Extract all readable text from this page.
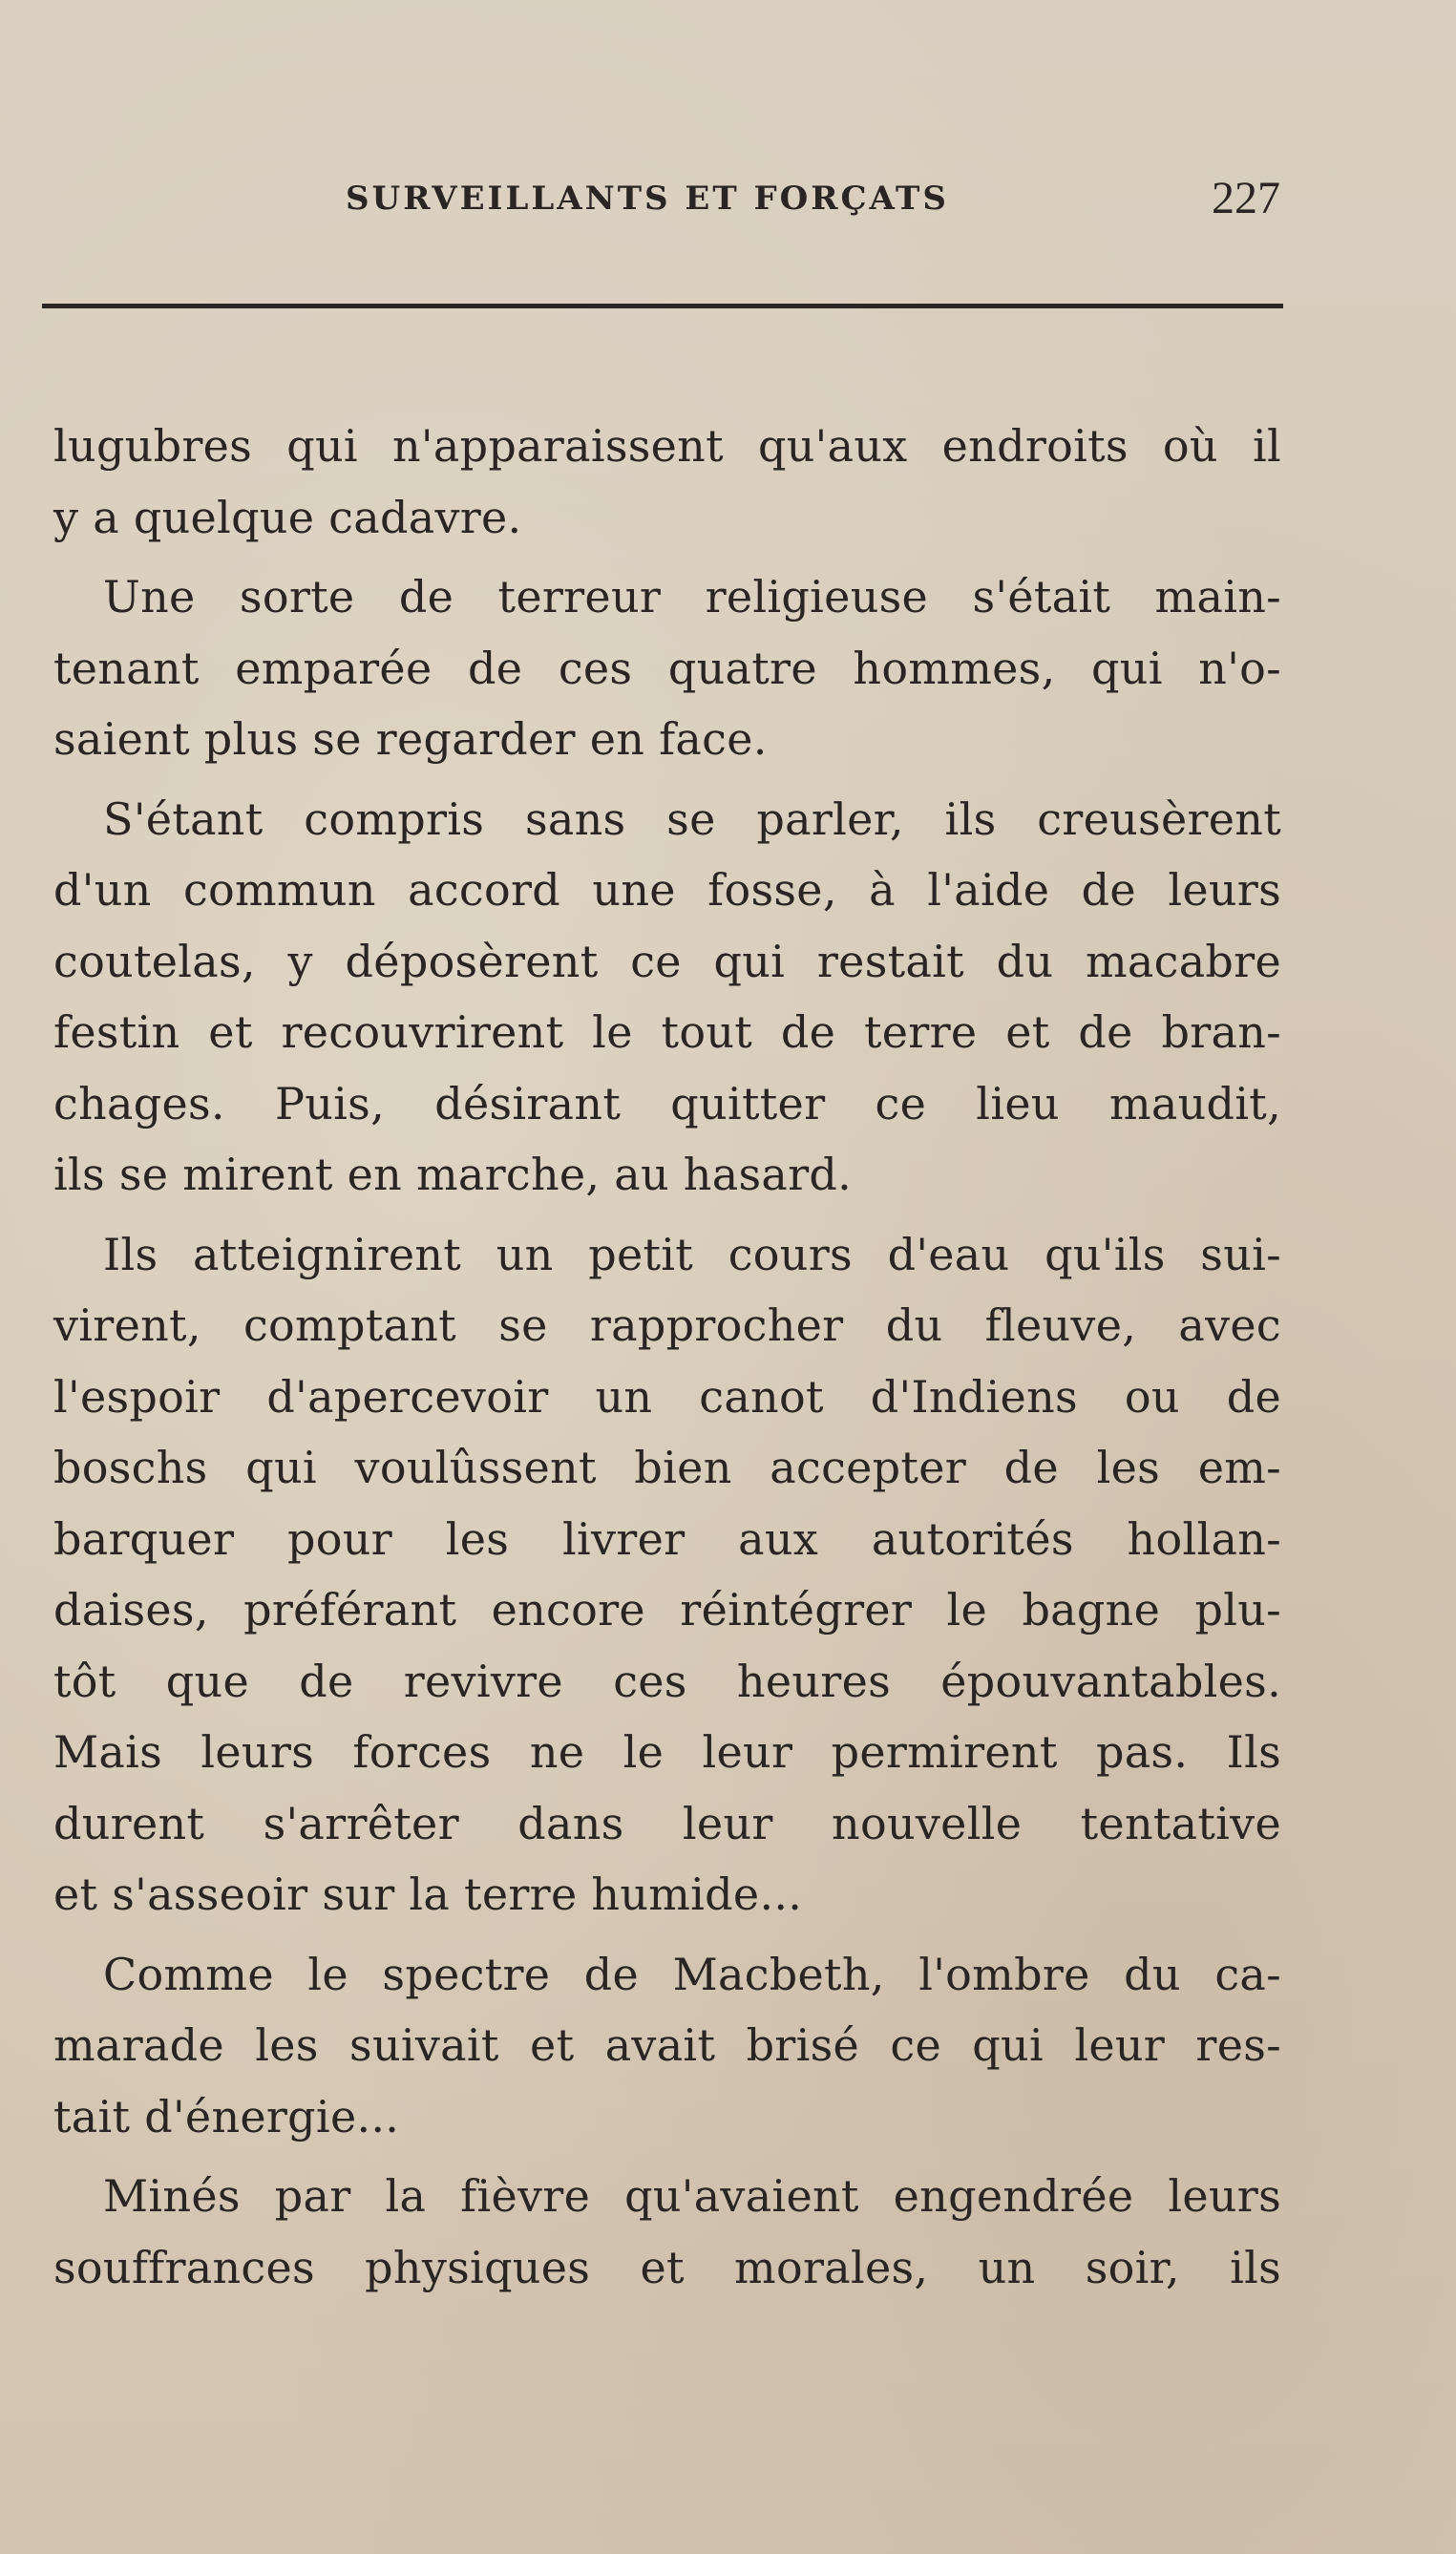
SURVEILLANTS ET FORÇATS	227

lugubres qui n'apparaissent qu'aux endroits où il
y a quelque cadavre.

Une sorte de terreur religieuse s'était main-
tenant emparée de ces quatre hommes, qui n'o-
saient plus se regarder en face.

S'étant compris sans se parler, ils creusèrent
d'un commun accord une fosse, à l'aide de leurs
coutelas, y déposèrent ce qui restait du macabre
festin et recouvrirent le tout de terre et de bran-
chages. Puis, désirant quitter ce lieu maudit,
ils se mirent en marche, au hasard.

Ils atteignirent un petit cours d'eau qu'ils sui-
virent, comptant se rapprocher du fleuve, avec
l'espoir d'apercevoir un canot d'Indiens ou de
boschs qui voulûssent bien accepter de les em-
barquer pour les livrer aux autorités hollan-
daises, préférant encore réintégrer le bagne plu-
tôt que de revivre ces heures épouvantables.
Mais leurs forces ne le leur permirent pas. Ils
durent s'arrêter dans leur nouvelle tentative
et s'asseoir sur la terre humide...

Comme le spectre de Macbeth, l'ombre du ca-
marade les suivait et avait brisé ce qui leur res-
tait d'énergie...

Minés par la fièvre qu'avaient engendrée leurs
souffrances physiques et morales, un soir, ils
